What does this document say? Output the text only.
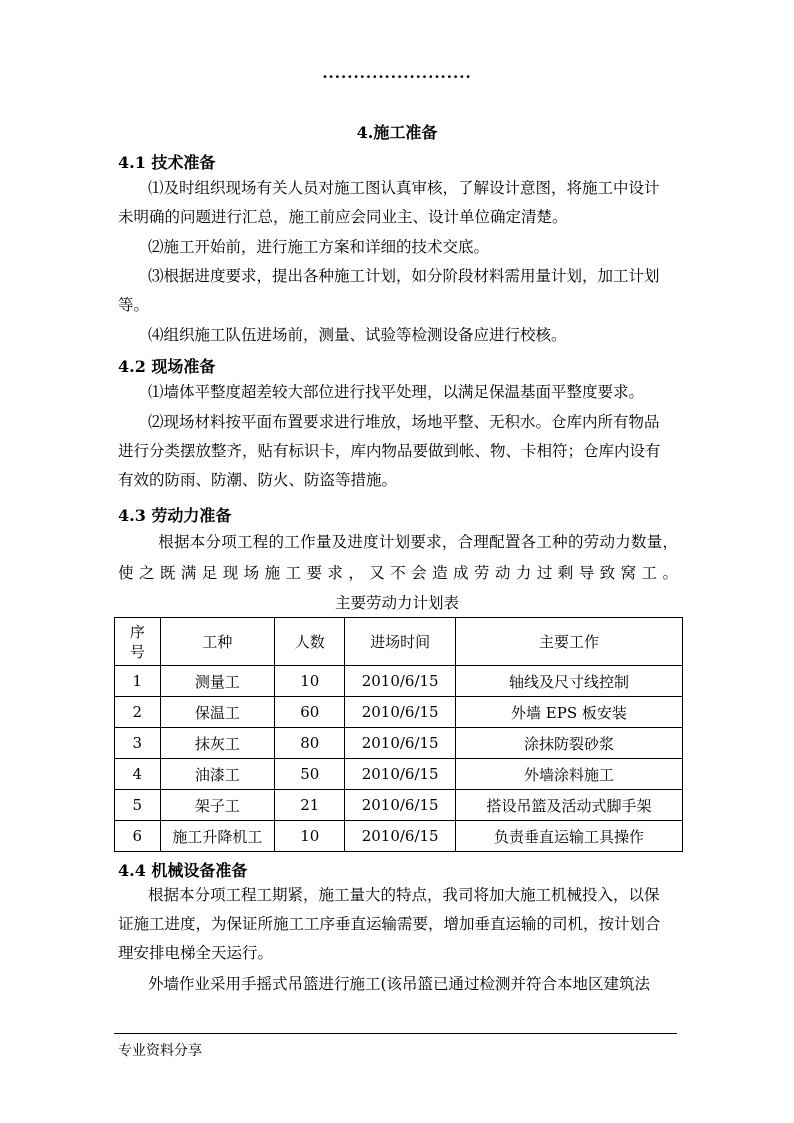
........................
4.施工准备
4.1 技术准备
⑴及时组织现场有关人员对施工图认真审核，了解设计意图，将施工中设计
未明确的问题进行汇总，施工前应会同业主、设计单位确定清楚。
⑵施工开始前，进行施工方案和详细的技术交底。
⑶根据进度要求，提出各种施工计划，如分阶段材料需用量计划，加工计划
等。
⑷组织施工队伍进场前，测量、试验等检测设备应进行校核。
4.2 现场准备
⑴墙体平整度超差较大部位进行找平处理，以满足保温基面平整度要求。
⑵现场材料按平面布置要求进行堆放，场地平整、无积水。仓库内所有物品
进行分类摆放整齐，贴有标识卡，库内物品要做到帐、物、卡相符；仓库内设有
有效的防雨、防潮、防火、防盗等措施。
4.3 劳动力准备
根据本分项工程的工作量及进度计划要求，合理配置各工种的劳动力数量，
使之既满足现场施工要求，又不会造成劳动力过剩导致窝工。
主要劳动力计划表
序号	工种	人数	进场时间	主要工作
1	测量工	10	2010/6/15	轴线及尺寸线控制
2	保温工	60	2010/6/15	外墙 EPS 板安装
3	抹灰工	80	2010/6/15	涂抹防裂砂浆
4	油漆工	50	2010/6/15	外墙涂料施工
5	架子工	21	2010/6/15	搭设吊篮及活动式脚手架
6	施工升降机工	10	2010/6/15	负责垂直运输工具操作
4.4 机械设备准备
根据本分项工程工期紧，施工量大的特点，我司将加大施工机械投入，以保
证施工进度，为保证所施工工序垂直运输需要，增加垂直运输的司机，按计划合
理安排电梯全天运行。
外墙作业采用手摇式吊篮进行施工(该吊篮已通过检测并符合本地区建筑法
专业资料分享
